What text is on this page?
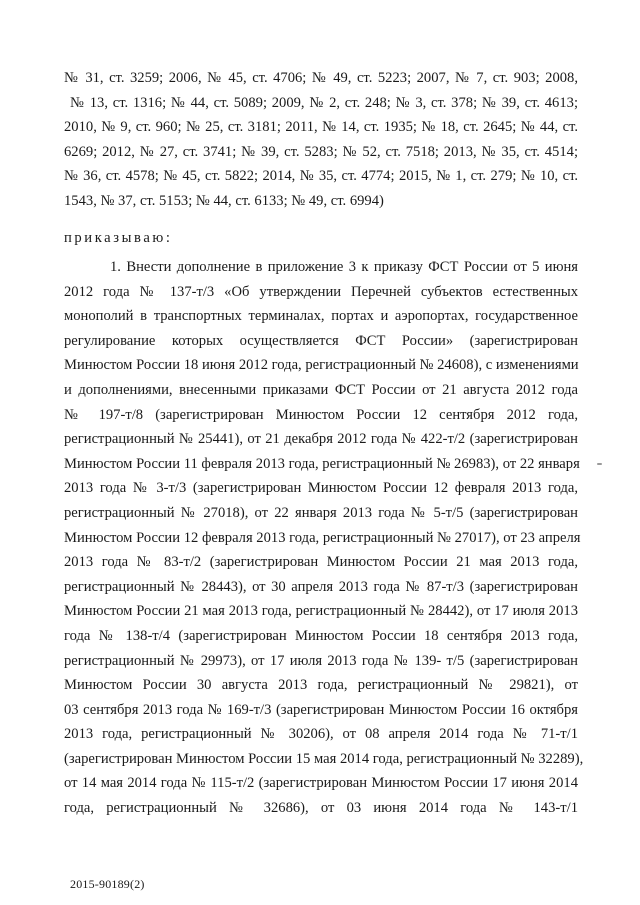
№ 31, ст. 3259; 2006, № 45, ст. 4706; № 49, ст. 5223; 2007, № 7, ст. 903; 2008,
№ 13, ст. 1316; № 44, ст. 5089; 2009, № 2, ст. 248; № 3, ст. 378; № 39, ст. 4613;
2010, № 9, ст. 960; № 25, ст. 3181; 2011, № 14, ст. 1935; № 18, ст. 2645; № 44, ст.
6269; 2012, № 27, ст. 3741; № 39, ст. 5283; № 52, ст. 7518; 2013, № 35, ст. 4514;
№ 36, ст. 4578; № 45, ст. 5822; 2014, № 35, ст. 4774; 2015, № 1, ст. 279; № 10, ст.
1543, № 37, ст. 5153; № 44, ст. 6133; № 49, ст. 6994)
приказываю:
1. Внести дополнение в приложение 3 к приказу ФСТ России от 5 июня
2012 года № 137-т/3 «Об утверждении Перечней субъектов естественных
монополий в транспортных терминалах, портах и аэропортах, государственное
регулирование которых осуществляется ФСТ России» (зарегистрирован
Минюстом России 18 июня 2012 года, регистрационный № 24608), с изменениями
и дополнениями, внесенными приказами ФСТ России от 21 августа 2012 года
№ 197-т/8 (зарегистрирован Минюстом России 12 сентября 2012 года,
регистрационный № 25441), от 21 декабря 2012 года № 422-т/2 (зарегистрирован
Минюстом России 11 февраля 2013 года, регистрационный № 26983), от 22 января
2013 года № 3-т/3 (зарегистрирован Минюстом России 12 февраля 2013 года,
регистрационный № 27018), от 22 января 2013 года № 5-т/5 (зарегистрирован
Минюстом России 12 февраля 2013 года, регистрационный № 27017), от 23 апреля
2013 года № 83-т/2 (зарегистрирован Минюстом России 21 мая 2013 года,
регистрационный № 28443), от 30 апреля 2013 года № 87-т/3 (зарегистрирован
Минюстом России 21 мая 2013 года, регистрационный № 28442), от 17 июля 2013
года № 138-т/4 (зарегистрирован Минюстом России 18 сентября 2013 года,
регистрационный № 29973), от 17 июля 2013 года № 139- т/5 (зарегистрирован
Минюстом России 30 августа 2013 года, регистрационный № 29821), от
03 сентября 2013 года № 169-т/3 (зарегистрирован Минюстом России 16 октября
2013 года, регистрационный № 30206), от 08 апреля 2014 года № 71-т/1
(зарегистрирован Минюстом России 15 мая 2014 года, регистрационный № 32289),
от 14 мая 2014 года № 115-т/2 (зарегистрирован Минюстом России 17 июня 2014
года, регистрационный № 32686), от 03 июня 2014 года № 143-т/1
2015-90189(2)
